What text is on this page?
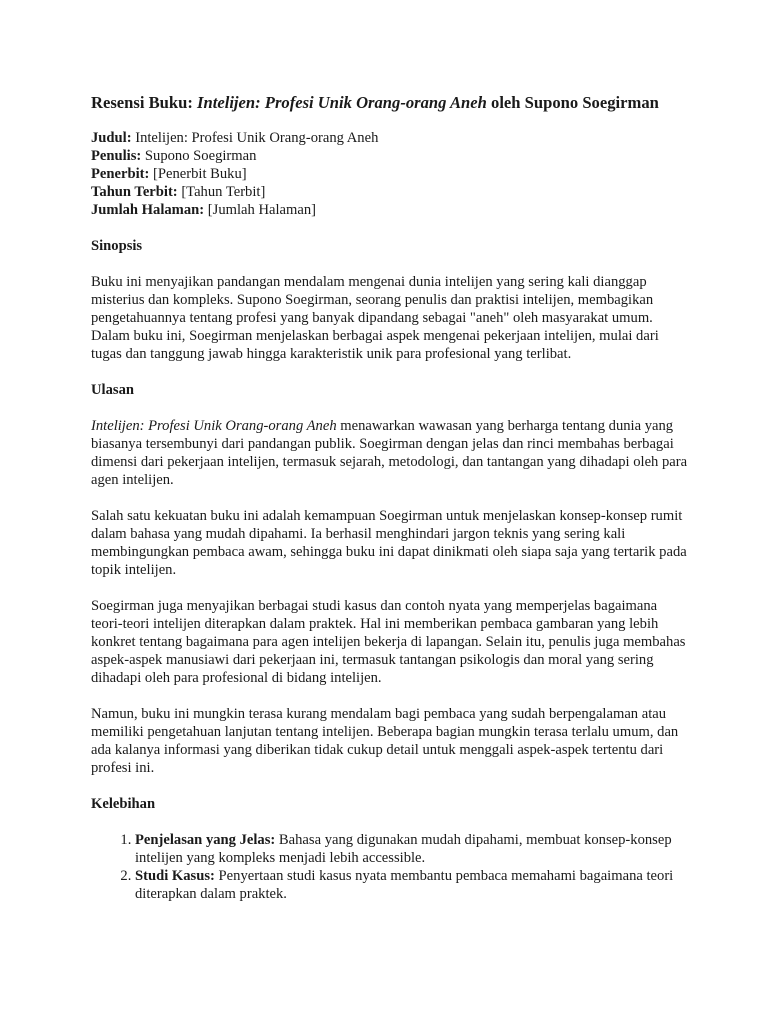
Resensi Buku: Intelijen: Profesi Unik Orang-orang Aneh oleh Supono Soegirman
Judul: Intelijen: Profesi Unik Orang-orang Aneh
Penulis: Supono Soegirman
Penerbit: [Penerbit Buku]
Tahun Terbit: [Tahun Terbit]
Jumlah Halaman: [Jumlah Halaman]
Sinopsis

Buku ini menyajikan pandangan mendalam mengenai dunia intelijen yang sering kali dianggap misterius dan kompleks. Supono Soegirman, seorang penulis dan praktisi intelijen, membagikan pengetahuannya tentang profesi yang banyak dipandang sebagai "aneh" oleh masyarakat umum. Dalam buku ini, Soegirman menjelaskan berbagai aspek mengenai pekerjaan intelijen, mulai dari tugas dan tanggung jawab hingga karakteristik unik para profesional yang terlibat.

Ulasan

Intelijen: Profesi Unik Orang-orang Aneh menawarkan wawasan yang berharga tentang dunia yang biasanya tersembunyi dari pandangan publik. Soegirman dengan jelas dan rinci membahas berbagai dimensi dari pekerjaan intelijen, termasuk sejarah, metodologi, dan tantangan yang dihadapi oleh para agen intelijen.

Salah satu kekuatan buku ini adalah kemampuan Soegirman untuk menjelaskan konsep-konsep rumit dalam bahasa yang mudah dipahami. Ia berhasil menghindari jargon teknis yang sering kali membingungkan pembaca awam, sehingga buku ini dapat dinikmati oleh siapa saja yang tertarik pada topik intelijen.

Soegirman juga menyajikan berbagai studi kasus dan contoh nyata yang memperjelas bagaimana teori-teori intelijen diterapkan dalam praktek. Hal ini memberikan pembaca gambaran yang lebih konkret tentang bagaimana para agen intelijen bekerja di lapangan. Selain itu, penulis juga membahas aspek-aspek manusiawi dari pekerjaan ini, termasuk tantangan psikologis dan moral yang sering dihadapi oleh para profesional di bidang intelijen.

Namun, buku ini mungkin terasa kurang mendalam bagi pembaca yang sudah berpengalaman atau memiliki pengetahuan lanjutan tentang intelijen. Beberapa bagian mungkin terasa terlalu umum, dan ada kalanya informasi yang diberikan tidak cukup detail untuk menggali aspek-aspek tertentu dari profesi ini.

Kelebihan
1. Penjelasan yang Jelas: Bahasa yang digunakan mudah dipahami, membuat konsep-konsep intelijen yang kompleks menjadi lebih accessible.
2. Studi Kasus: Penyertaan studi kasus nyata membantu pembaca memahami bagaimana teori diterapkan dalam praktek.
